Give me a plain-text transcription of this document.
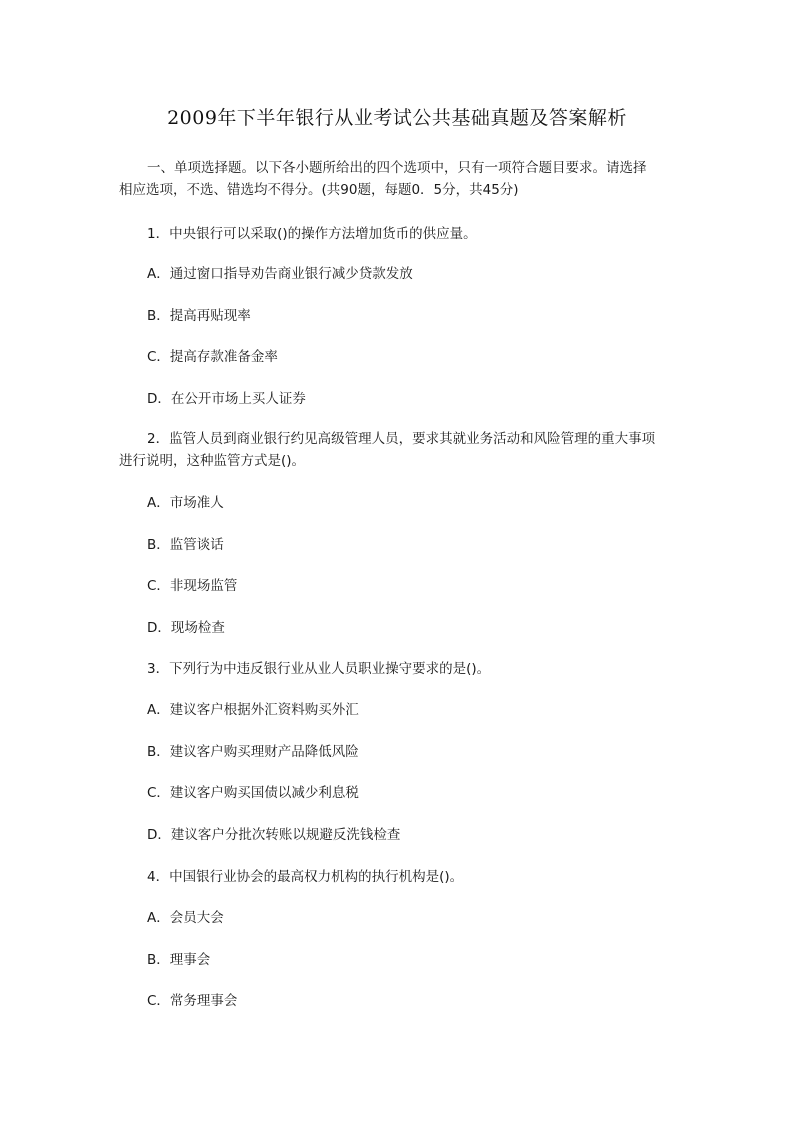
2009年下半年银行从业考试公共基础真题及答案解析
一、单项选择题。以下各小题所给出的四个选项中，只有一项符合题目要求。请选择
相应选项，不选、错选均不得分。(共90题，每题0．5分，共45分)
1．中央银行可以采取()的操作方法增加货币的供应量。
A．通过窗口指导劝告商业银行减少贷款发放
B．提高再贴现率
C．提高存款准备金率
D．在公开市场上买人证券
2．监管人员到商业银行约见高级管理人员，要求其就业务活动和风险管理的重大事项
进行说明，这种监管方式是()。
A．市场准人
B．监管谈话
C．非现场监管
D．现场检查
3．下列行为中违反银行业从业人员职业操守要求的是()。
A．建议客户根据外汇资料购买外汇
B．建议客户购买理财产品降低风险
C．建议客户购买国债以减少利息税
D．建议客户分批次转账以规避反洗钱检查
4．中国银行业协会的最高权力机构的执行机构是()。
A．会员大会
B．理事会
C．常务理事会
